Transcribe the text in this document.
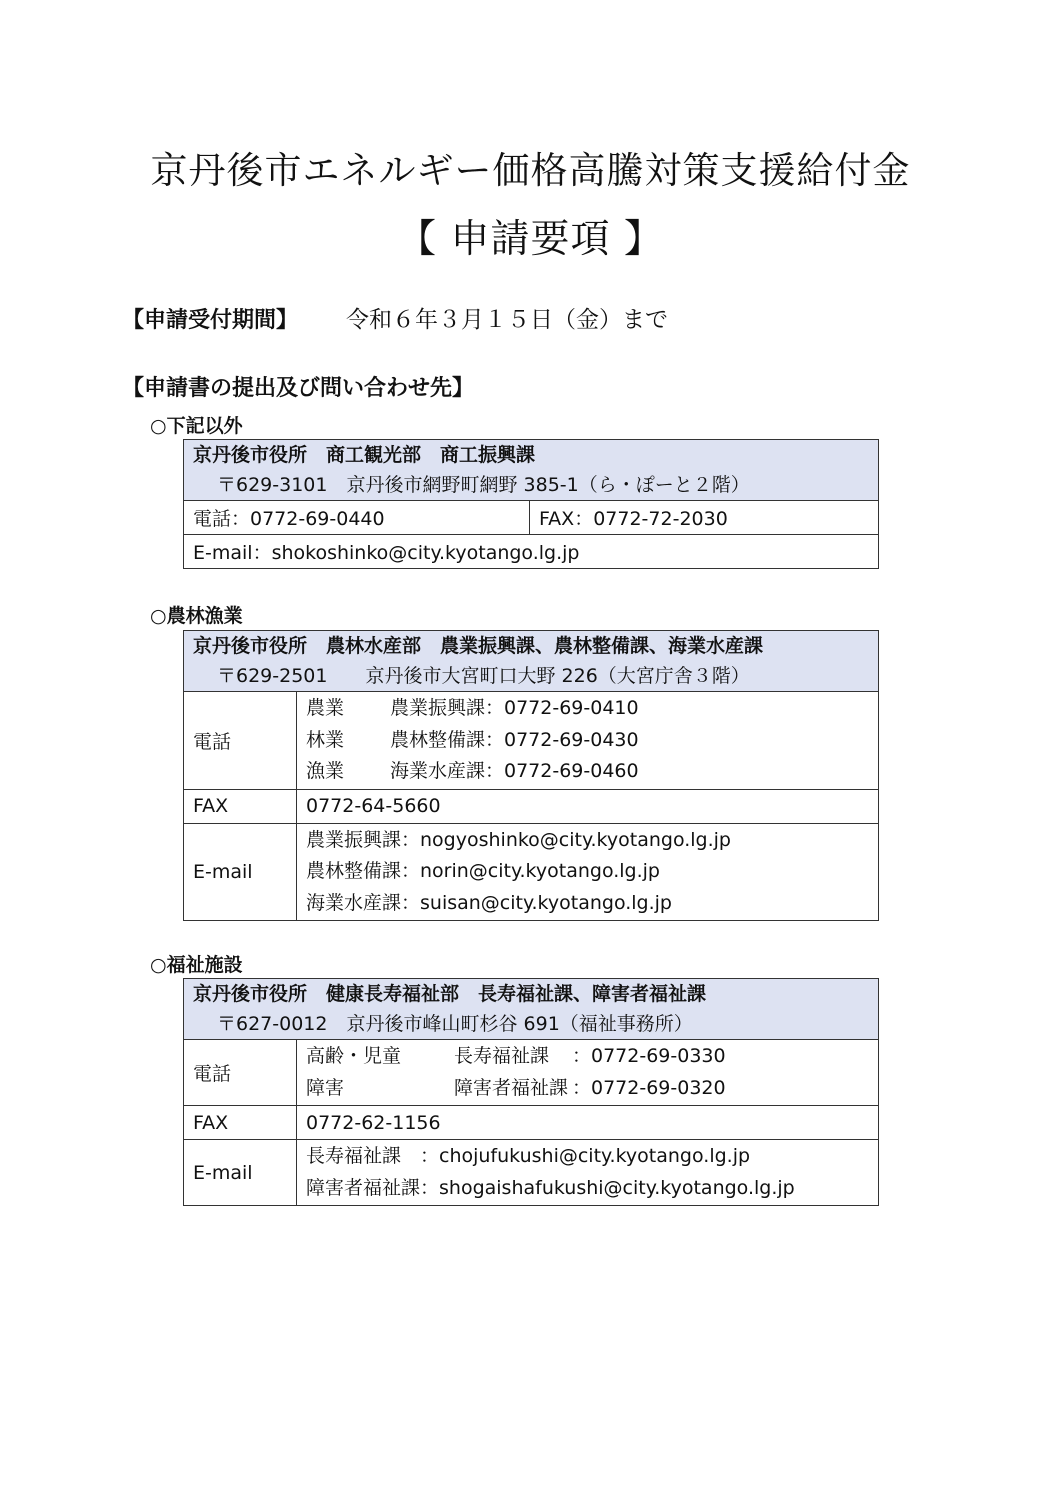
京丹後市エネルギー価格高騰対策支援給付金
【 申請要項 】
【申請受付期間】 令和６年３月１５日（金）まで
【申請書の提出及び問い合わせ先】
○下記以外
京丹後市役所　商工観光部　商工振興課
〒629-3101　京丹後市網野町網野 385-1（ら・ぽーと２階）

電話：0772-69-0440	FAX：0772-72-2030
E-mail：shokoshinko@city.kyotango.lg.jp
○農林漁業
京丹後市役所　農林水産部　農業振興課、農林整備課、海業水産課
〒629-2501　　京丹後市大宮町口大野 226（大宮庁舎３階）	

電話	農業 農業振興課：0772-69-0410
林業 農林整備課：0772-69-0430
漁業 海業水産課：0772-69-0460

FAX	0772-64-5660
E-mail	農業振興課：nogyoshinko@city.kyotango.lg.jp
農林整備課：norin@city.kyotango.lg.jp
海業水産課：suisan@city.kyotango.lg.jp
○福祉施設
京丹後市役所　健康長寿福祉部　長寿福祉課、障害者福祉課
〒627-0012　京丹後市峰山町杉谷 691（福祉事務所）	

電話	高齢・児童 長寿福祉課 ：0772-69-0330
障害 障害者福祉課 ：0772-69-0320

FAX	0772-62-1156
E-mail	長寿福祉課　：chojufukushi@city.kyotango.lg.jp
障害者福祉課：shogaishafukushi@city.kyotango.lg.jp
